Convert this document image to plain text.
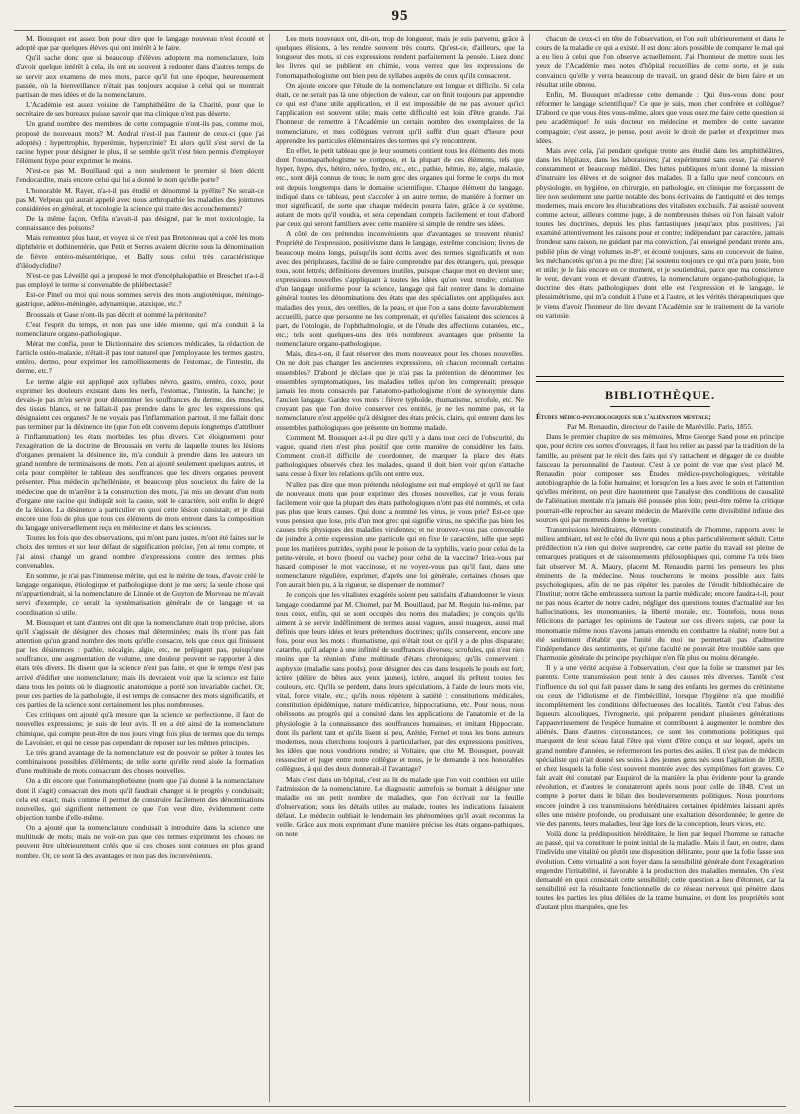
95

M. Bousquet est assez bon pour dire que le langage nouveau n'est écouté et adopté que par quelques élèves qui ont intérêt à le faire.

Qu'il sache donc que si beaucoup d'élèves adoptent ma nomenclature, loin d'avoir quelque intérêt à cela, ils ont eu souvent à redouter dans d'autres temps de se servir aux examens de mes mots, parce qu'il fut une époque, heureusement passée, où la bienveillance n'était pas toujours acquise à celui qui se montrait partisan de mes idées et de la nomenclature.

L'Académie est assez voisine de l'amphithéâtre de la Charité, pour que le secrétaire de ses bureaux puisse savoir que ma clinique n'est pas déserte.

Un grand nombre des membres de cette compagnie n'ont-ils pas, comme moi, proposé de nouveaux mots? M. Andral n'est-il pas l'auteur de ceux-ci (que j'ai adoptés) : hypertrophie, hyperémie, hypercrinie? Et alors qu'il s'est servi de la racine hyper pour désigner le plus, il se semble qu'il n'est bien permis d'employer l'élément hypo pour exprimer le moins.

N'est-ce pas M. Bouillaud qui a non seulement le premier si bien décrit l'endocardite, mais encore celui qui lui a donné le nom qu'elle porte?

L'honorable M. Rayer, n'a-t-il pas étudié et dénommé la pyélite? Ne serait-ce pas M. Velpeau qui aurait appelé avec nous arthropathie les maladies des jointures considérées en général, et tocologie la science qui traite des accouchements?

De la même façon, Orfila n'avait-il pas désigné, par le mot toxicologie, la connaissance des poisons?

Mais remontez plus haut, et voyez si ce n'est pas Bretonneau qui a créé les mots diphthérie et dothinentérie, que Petit et Serres avaient décrite sous la dénomination de fièvre entéro-mésentérique, et Bally sous celui très caractéristique d'iléodyclidite?

N'est-ce pas Léveillé qui a proposé le mot d'encéphalopathie et Breschet n'a-t-il pas employé le terme si convenable de phlébectasie?

Est-ce Pinel ou moi qui nous sommes servis des mots angioténique, méningo-gastrique, adéno-méningée, adynamique, ataxique, etc.?

Broussais et Gase n'ont-ils pas décrit et nommé la péritonite?

C'est l'esprit du temps, et non pas une idée mienne, qui m'a conduit à la nomenclature organo-pathologique.

Mérat me confia, pour le Dictionnaire des sciences médicales, la rédaction de l'article ostéo-malaxie, n'était-il pas tout naturel que j'employasse les termes gastro, entéro, dermo, pour exprimer les ramollissements de l'estomac, de l'intestin, du derme, etc.?

Le terme algie est appliqué aux syllabes névro, gastro, entéro, coxo, pour exprimer les douleurs existant dans les nerfs, l'estomac, l'intestin, la hanche; je devais-je pas m'en servir pour dénommer les souffrances du derme, des muscles, des tissus blancs, et ne fallait-il pas prendre dans le grec les expressions qui désignaient ces organes? Je ne voyais pas l'inflammation partout, il me fallait donc pas terminer par la désinence ite (que l'on eût convenu depuis longtemps d'attribuer à l'inflammation) les états morbides les plus divers. Cet éloignement pour l'exagération de la doctrine de Broussais en vertu de laquelle toutes les lésions d'organes prenaient la désinence ite, m'a conduit à prendre dans les auteurs un grand nombre de terminaisons de mots. J'en ai ajouté seulement quelques autres, et cela pour compléter le tableau des souffrances que les divers organes peuvent présenter. Plus médecin qu'helléniste, et beaucoup plus soucieux du faire de la médecine que de m'arrêter à la construction des mots, j'ai mis un devant d'un nom d'organe une racine qui indiquât soit la cause, soit le caractère, soit enfin le degré de la lésion. La désinence a particulier en quoi cette lésion consistait; et je dirai encore une fois de plus que tous ces éléments de mots entrent dans la composition du langage universellement reçu en médecine et dans les sciences.

Toutes les fois que des observations, qui m'ont paru justes, m'ont été faites sur le choix des termes et sur leur défaut de signification précise, j'en ai tenu compte, et j'ai ainsi changé un grand nombre d'expressions contre des termes plus convenables.

En somme, je n'ai pas l'immense mérite, qui est le mérite de tous, d'avoir créé le langage organique, étiologique et pathologique dont je me sers; la seule chose qui m'appartiendrait, si la nomenclature de Linnée et de Guyton de Morveau ne m'avait servi d'exemple, ce serait la systématisation générale de ce langage et sa coordination si utile.

M. Bousquet et tant d'autres ont dit que la nomenclature était trop précise, alors qu'il s'agissait de désigner des choses mal déterminées; mais ils n'ont pas fait attention qu'un grand nombre des mots qu'elle consacre, tels que ceux qui finissent par les désinences : pathie, nécalgie, algie, etc, ne préjugent pas, puisqu'une souffrance, une augmentation de volume, une douleur peuvent se rapporter à des états très divers. Ils disent que la science n'est pas faite, et que le temps n'est pas arrivé d'édifier une nomenclature; mais ils devraient voir que la science est faite dans tous les points où le diagnostic anatomique a porté son invariable cachet. Or, pour ces parties de la pathologie, il est temps de consacrer des mots significatifs, et ces parties de la science sont certainement les plus nombreuses.

Ces critiques ont ajouté qu'à mesure que la science se perfectionne, il faut de nouvelles expressions; je suis de leur avis. Il en a été ainsi de la nomenclature chimique, qui compte peut-être de nos jours vingt fois plus de termes que du temps de Lavoisier, et qui ne cesse pas cependant de reposer sur les mêmes principes.

Le très grand avantage de la nomenclature est de pouvoir se prêter à toutes les combinaisons possibles d'éléments; de telle sorte qu'elle rend aisée la formation d'une multitude de mots consacrant des choses nouvelles.

On a dit encore que l'onomatophobisme (nom que j'ai donné à la nomenclature dont il s'agit) consacrait des mots qu'il faudrait changer si le progrès y conduisait; cela est exact; mais comme il permet de construire facilement des dénominations nouvelles, qui signifient nettement ce que l'on veut dire, évidemment cette objection tombe d'elle-même.

On a ajouté que la nomenclature conduisait à introduire dans la science une multitude de mots; mais ne voit-on pas que ces termes expriment les choses ne peuvent être ultérieurement créés que si ces choses sont connues en plus grand nombre. Or, ce sont là des avantages et non pas des inconvénients.

Les mots nouveaux ont, dit-on, trop de longueur, mais je suis parvenu, grâce à quelques élisions, à les rendre souvent très courts. Qu'est-ce, d'ailleurs, que la longueur des mots, si ces expressions rendent parfaitement la pensée. Lisez donc les livres qui se publient en chimie, vous verrez que les expressions de l'onomapathologisme ont bien peu de syllabes auprès de ceux qu'ils consacrent.

On ajoute encore que l'étude de la nomenclature est longue et difficile. Si cela était, ce ne serait pas là une objection de valeur, car on finit toujours par apprendre ce qui est d'une utile application, et il est impossible de ne pas avouer qu'ici l'application est souvent utile; mais cette difficulté est loin d'être grande. J'ai l'honneur de remettre à l'Académie un certain nombre des exemplaires de la nomenclature, et mes collègues verront qu'il suffit d'un quart d'heure pour apprendre les particules élémentaires des termes qui s'y rencontrent.

En effet, le petit tableau que je leur soumets contient tous les éléments des mots dont l'onomapathologisme se compose, et la plupart de ces éléments, tels que hyper, hypo, dys, hétéro, néro, hydro, etc., etc., pathie, hémie, ite, algie, malaxie, etc., sont déjà connus de tous; le nom grec des organes qui forme le corps du mot est depuis longtemps dans le domaine scientifique. Chaque élément du langage, indiqué dans ce tableau, peut s'accoler à un autre terme, de manière à former un mot significatif, de sorte que chaque médecin pourra faire, grâce à ce système, autant de mots qu'il voudra, et sera cependant compris facilement et tout d'abord par ceux qui seront familiers avec cette manière si simple de rendre ses idées.

A côté de ces prétendus inconvénients que d'avantages se trouvent réunis! Propriété de l'expression, positivisme dans le langage, extrême concision; livres de beaucoup moins longs, puisqu'ils sont écrits avec des termes significatifs et non avec des périphrases, facilité de se faire comprendre par des étrangers, qui, presque tous, sont lettrés; définitions devenues inutiles, puisque chaque mot en devient une; expressions nouvelles s'appliquant à toutes les idées qu'on veut rendre; création d'un langage uniforme pour la science, langage qui fait rentrer dans le domaine général toutes les dénominations des états que des spécialistes ont appliquées aux maladies des yeux, des oreilles, de la peau, et que l'on a sans doute favorablement accueilli, parce que personne ne les comprenait, et qu'elles faisaient des sciences à part, de l'otologie, de l'ophthalmologie, et de l'étude des affections cutanées, etc., etc.; tels sont quelques-uns des très nombreux avantages que présente la nomenclature organo-pathologique.

Mais, dira-t-on, il faut réserver des mots nouveaux pour les choses nouvelles. On ne doit pas changer les anciennes expressions, où chacun reconnaît certains ensembles? D'abord je déclare que je n'ai pas la prétention de dénommer les ensembles symptomatiques, les maladies telles qu'on les comprenait; presque jamais les mots consacrés par l'anatomo-pathologisme n'ont de synonymie dans l'ancien langage. Gardez vos mots : fièvre typhoïde, rhumatisme, scrofule, etc. Ne croyant pas que l'on doive conserver ces entités, je ne les nomme pas, et la nomenclature n'est appelée qu'à désigner des états précis, clairs, qui entrent dans les ensembles pathologiques que présente un homme malade.

Comment M. Bousquet a-t-il pu dire qu'il y a dans tout ceci de l'obscurité, du vague, quand rien n'est plus positif que cette manière de considérer les faits. Comment croit-il difficile de coordonner, de marquer la place des états pathologiques observés chez les malades, quand il doit bien voir qu'on s'attache sans cesse à fixer les relations qu'ils ont entre eux.

N'allez pas dire que mon prétendu néologisme est mal employé et qu'il ne faut de nouveaux mots que pour exprimer des choses nouvelles, car je vous ferais facilement voir que la plupart des états pathologiques n'ont pas été nommés, et cela pas plus que leurs causes. Qui donc a nommé les virus, je vous prie? Est-ce que vous pensiez que lose, pris d'un mot grec qui signifie virus, ne spécifie pas bien les causes très physiques des maladies virulentes; et ne trouvez-vous pas convenable de joindre à cette expression une particule qui en fixe le caractère, telle que septi pour les matières putrides, syphi pour le poison de la syphilis, vario pour celui de la petite-vérole, et bovo (boeuf ou vache) pour celui de la vaccine? Iriez-vous par hasard composer le mot vaccinose, et ne voyez-vous pas qu'il faut, dans une nomenclature régulière, exprimer, d'après une loi générale, certaines choses que l'on aurait bien pu, à la rigueur, se dispenser de nommer?

Je conçois que les vitalistes exagérés soient peu satisfaits d'abandonner le vieux langage condamné par M. Chomel, par M. Bouillaud, par M. Requin lui-même, par tous ceux, enfin, qui se sont occupés des noms des maladies; je conçois qu'ils aiment à se servir indéfiniment de termes aussi vagues, aussi nuageux, aussi mal définis que leurs idées et leurs prétendues doctrines; qu'ils conservent, encore une fois, pour eux les mots : rhumatisme, qui n'était tout ce qu'il y a de plus disparate; catarrhe, qu'il adapte à une infinité de souffrances diverses; scrofules, qui n'est rien moins que la réunion d'une multitude d'états chroniques; qu'ils conservent : asphyxie (maladie sans pouls), pour désigner des cas dans lesquels le pouls est fort; ictère (délire de bêtes aux yeux jaunes), ictère, auquel ils prêtent toutes les couleurs, etc. Qu'ils se perdent, dans leurs spéculations, à l'aide de leurs mots vie, vital, force vitale, etc.; qu'ils nous répètent à satiété : constitutions médicales, constitution épidémique, nature médicatrice, hippocratisme, etc. Pour nous, nous obéissons au progrès qui a consisté dans les applications de l'anatomie et de la physiologie à la connaissance des souffrances humaines, et imitant Hippocrate, dont ils parlent tant et qu'ils lisent si peu, Arétée, Fernel et tous les bons auteurs modernes, nous cherchons toujours à particulariser, par des expressions positives, les idées que nous voudrions rendre; si Voltaire, que cite M. Bousquet, pouvait ressusciter et juger entre notre collègue et nous, je le demande à nos honorables collègues, à qui des deux donnerait-il l'avantage?

Mais c'est dans un hôpital, c'est au lit du malade que l'on voit combien est utile l'admission de la nomenclature. Le diagnostic autrefois se bornait à désigner une maladie ou un petit nombre de maladies, que l'on écrivait sur la feuille d'observation; sous les détails utiles au malade, toutes les indications faisaient défaut. Le médecin oubliait le lendemain les phénomènes qu'il avait reconnus la veille. Grâce aux mots exprimant d'une manière précise les états organo-pathiques, on note

chacun de ceux-ci en tête de l'observation, et l'on suit ultérieurement et dans le cours de la maladie ce qui a existé. Il est donc alors possible de comparer le mal qui a eu lieu à celui que l'on observe actuellement. J'ai l'honneur de mettre sous les yeux de l'Académie mes notes d'hôpital recueillies de cette sorte, et je suis convaincu qu'elle y verra beaucoup de travail, un grand désir de bien faire et un résultat utile obtenu.

Enfin, M. Bousquet m'adresse cette demande : Qui êtes-vous donc pour réformer le langage scientifique? Ce que je suis, mon cher confrère et collègue? D'abord ce que vous êtes vous-même, alors que vous osez me faire cette question si peu académique! Je suis docteur en médecine et membre de cette savante compagnie; c'est assez, je pense, pour avoir le droit de parler et d'exprimer mes idées.

Mais avec cela, j'ai pendant quelque trente ans étudié dans les amphithéâtres, dans les hôpitaux, dans les laboratoires; j'ai expérimenté sans cesse, j'ai observé constamment et beaucoup médité. Des luttes publiques m'ont donné la mission d'instruire les élèves et de soigner des malades. Il a fallu que neuf concours en physiologie, en hygiène, en chirurgie, en pathologie, en clinique me forçassent de lire non seulement une partie notable des bons écrivains de l'antiquité et des temps modernes, mais encore les élucubrations des vitalistes exclusifs. J'ai assisté souvent comme acteur, ailleurs comme juge, à de nombreuses thèses où l'on faisait valoir toutes les doctrines, depuis les plus fantastiques jusqu'aux plus positives; j'ai examiné attentivement les raisons pour et contre; indépendant par caractère, jamais frondeur sans raison, ne guidant par ma conviction, j'ai enseigné pendant trente ans, publié plus de vingt volumes in-8°, et écouté toujours, sans en concevoir de haine, les méchancetés qu'on a pu me dire; j'ai soutenu toujours ce qui m'a paru juste, bon et utile; je le fais encore en ce moment, et je soutiendrai, parce que ma conscience le veut, devant vous et devant d'autres, la nomenclature organo-pathologique, la doctrine des états pathologiques dont elle est l'expression et le langage, le plessimétrisme, qui m'a conduit à l'une et à l'autre, et les vérités thérapeutiques que je viens d'avoir l'honneur de lire devant l'Académie sur le traitement de la variole ou variosie.

BIBLIOTHÈQUE.

Études médico-psychologiques sur l'aliénation mentale;

Par M. Renaudin, directeur de l'asile de Maréville. Paris, 1855.

Dans le premier chapitre de ses mémoires, Mme George Sand pose en principe que, pour écrire ces sortes d'ouvrages, il faut les relier au passé par la tradition de la famille, au présent par le récit des faits qui s'y rattachent et dégager de ce double faisceau la personnalité de l'auteur. C'est à ce point de vue que s'est placé M. Renaudin pour composer ses Études médico-psychologiques, véritable autobiographie de la folie humaine; et lorsqu'on les a lues avec le soin et l'attention qu'elles méritent, on peut dire hautement que l'analyse des conditions de causalité de l'aliénation mentale n'a jamais été poussée plus loin; peut-être même la critique pourrait-elle reprocher au savant médecin de Maréville cette divisibilité infinie des sources qui par moments donne le vertige.

Transmissions héréditaires, éléments constitutifs de l'homme, rapports avec le milieu ambiant, tel est le côté du livre qui nous a plus particulièrement séduit. Cette prédilection n'a rien qui doive surprendre, car cette partie du travail est pleine de remarques pratiques et de raisonnements philosophiques qui, comme l'a très bien fait observer M. A. Maury, placent M. Renaudin parmi les penseurs les plus éminents de la médecine. Nous toucherons le moins possible aux faits psychologiques, afin de ne pas répéter les paroles de l'érudit bibliothécaire de l'Institut; notre tâche embrassera surtout la partie médicale; encore faudra-t-il, pour ne pas nous écarter de notre cadre, négliger des questions toutes d'actualité sur les hallucinations, les monomanies, la liberté morale, etc. Toutefois, nous nous félicitons de partager les opinions de l'auteur sur ces divers sujets, car pour la monomanie même nous n'avons jamais entendu en combattre la réalité; notre but a été seulement d'établir que l'unité du moi ne permettait pas d'admettre l'indépendance des sentiments, et qu'une faculté ne pouvait être troublée sans que l'harmonie générale du principe psychique n'en fût plus ou moins dérangée.

Il y a une vérité acquise à l'observation, c'est que la folie se transmet par les parents. Cette transmission peut tenir à des causes très diverses. Tantôt c'est l'influence du sol qui fait passer dans le sang des enfants les germes du crétinisme ou ceux de l'idiotisme et de l'imbécillité, lorsque l'hygiène n'a que modifié incomplètement les conditions défectueuses des localités. Tantôt c'est l'abus des liqueurs alcooliques, l'ivrognerie, qui préparent pendant plusieurs générations l'appauvrissement de l'espèce humaine et contribuent à augmenter le nombre des aliénés. Dans d'autres circonstances, ce sont les commotions politiques qui marquent de leur sceau fatal l'être qui vient d'être conçu et sur lequel, après un grand nombre d'années, se refermeront les portes des asiles. Il n'est pas de médecin spécialiste qui n'ait donné ses soins à des jeunes gens nés sous l'agitation de 1830, et chez lesquels la folie s'est souvent montrée avec des symptômes fort graves. Ce fait avait été constaté par Esquirol de la manière la plus évidente pour la grande révolution, et d'autres le constateront après nous pour celle de 1848. C'est un compte à porter dans le bilan des bouleversements politiques. Nous pourrions encore joindre à ces transmissions héréditaires certaines épidémies laissant après elles une misère profonde, ou produisant une exaltation désordonnée; le genre de vie des parents, leurs maladies, leur âge lors de la conception, leurs vices, etc.

Voilà donc la prédisposition héréditaire, le lien par lequel l'homme se rattache au passé, qui va constituer le point initial de la maladie. Mais il faut, en outre, dans l'individu une vitalité ou plutôt une disposition délirante, pour que la folie fasse son évolution. Cette virtualité a son foyer dans la sensibilité générale dont l'exagération engendre l'irritabilité, si favorable à la production des maladies mentales. On s'est demandé en quoi consistait cette sensibilité; cette question a lieu d'étonner, car la sensibilité est la résultante fonctionnelle de ce réseau nerveux qui pénètre dans toutes les parties les plus déliées de la trame humaine, et dont les propriétés sont d'autant plus marquées, que les
